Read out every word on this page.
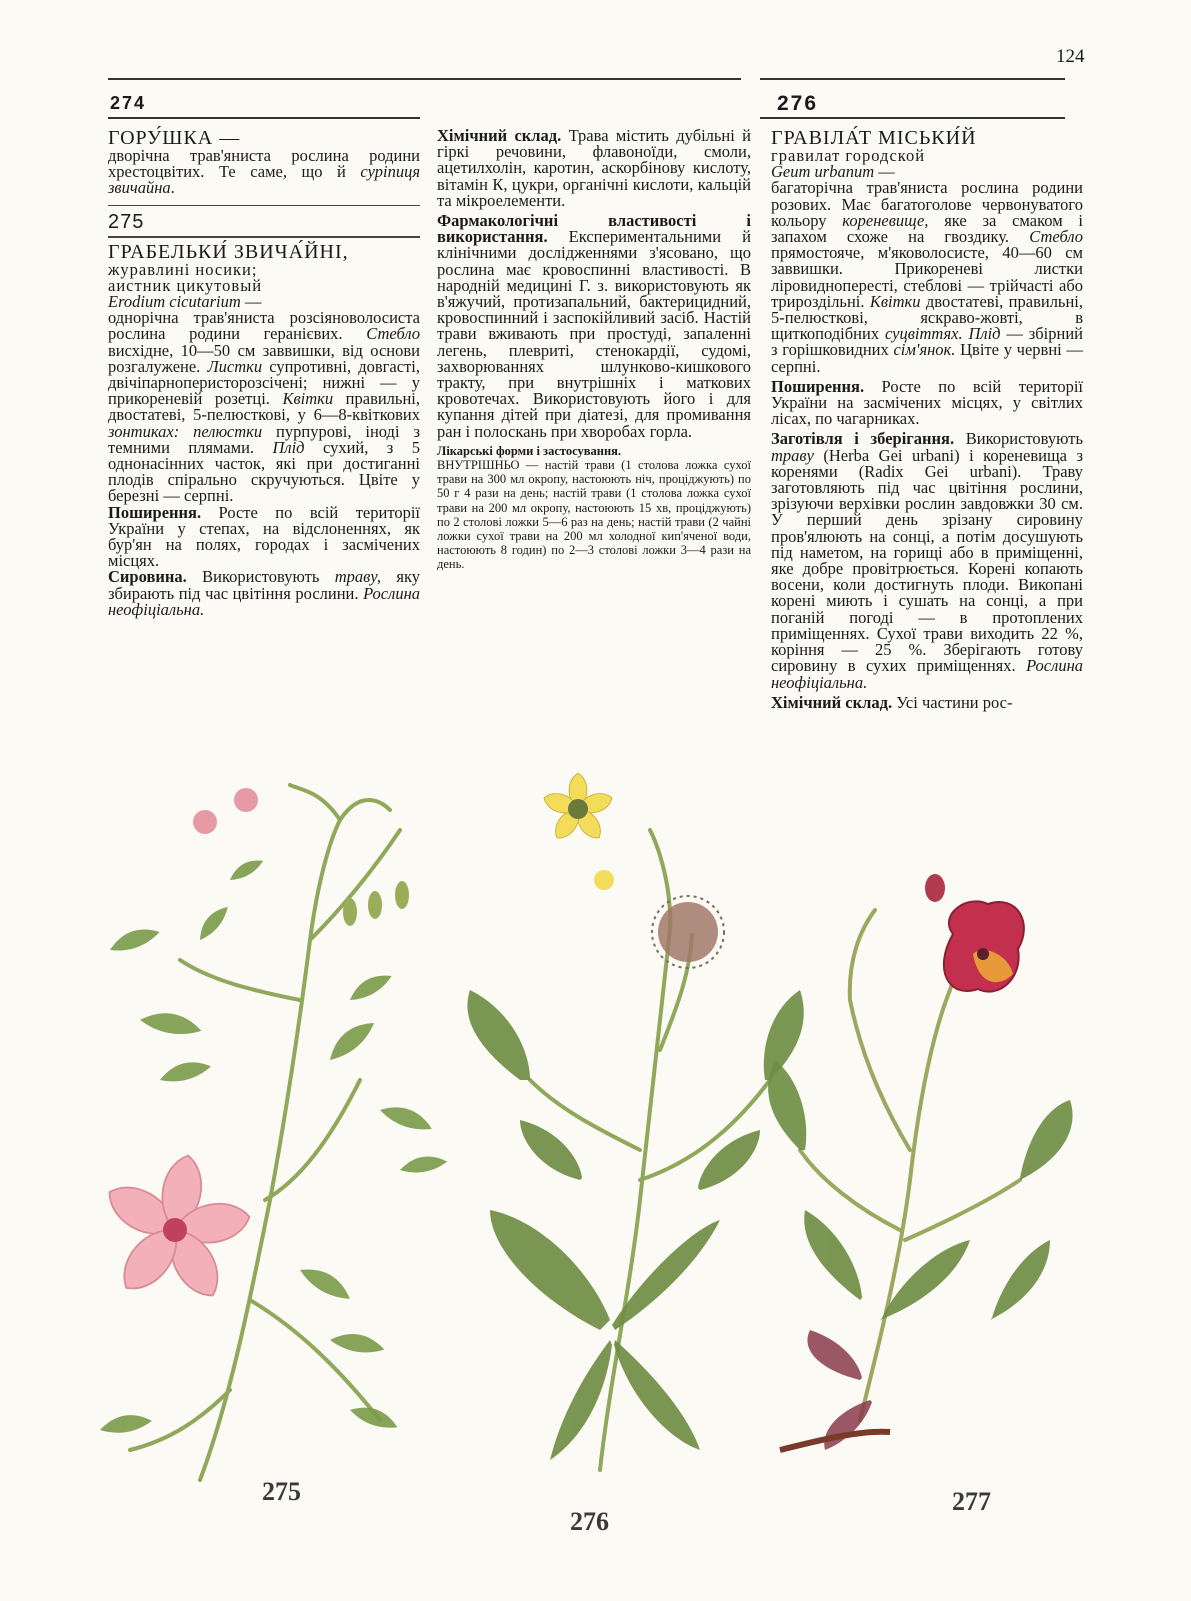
124
274	276

ГОРУ́ШКА —

дворічна трав'яниста рослина родини хрестоцвітих. Те саме, що й суріпиця звичайна.

275

ГРАБЕЛЬКИ́ ЗВИЧА́ЙНІ,

журавлині носики;

аистник цикутовый

Erodium cicutarium —

однорічна трав'яниста розсіяноволосиста рослина родини геранієвих. Стебло висхідне, 10—50 см заввишки, від основи розгалужене. Листки супротивні, довгасті, двічіпарноперисторозсічені; нижні — у прикореневій розетці. Квітки правильні, двостатеві, 5-пелюсткові, у 6—8-квіткових зонтиках: пелюстки пурпурові, іноді з темними плямами. Плід сухий, з 5 однонасінних часток, які при достиганні плодів спірально скручуються. Цвіте у березні — серпні.

Поширення. Росте по всій території України у степах, на відслоненнях, як бур'ян на полях, городах і засмічених місцях.

Сировина. Використовують траву, яку збирають під час цвітіння рослини. Рослина неофіціальна.

Хімічний склад. Трава містить дубільні й гіркі речовини, флавоноїди, смоли, ацетилхолін, каротин, аскорбінову кислоту, вітамін К, цукри, органічні кислоти, кальцій та мікроелементи.

Фармакологічні властивості і використання. Експериментальними й клінічними дослідженнями з'ясовано, що рослина має кровоспинні властивості. В народній медицині Г. з. використовують як в'яжучий, протизапальний, бактерицидний, кровоспинний і заспокійливий засіб. Настій трави вживають при простуді, запаленні легень, плевриті, стенокардії, судомі, захворюваннях шлунково-кишкового тракту, при внутрішніх і маткових кровотечах. Використовують його і для купання дітей при діатезі, для промивання ран і полоскань при хворобах горла.

Лікарські форми і застосування.

ВНУТРІШНЬО — настій трави (1 столова ложка сухої трави на 300 мл окропу, настоюють ніч, проціджують) по 50 г 4 рази на день; настій трави (1 столова ложка сухої трави на 200 мл окропу, настоюють 15 хв, проціджують) по 2 столові ложки 5—6 раз на день; настій трави (2 чайні ложки сухої трави на 200 мл холодної кип'яченої води, настоюють 8 годин) по 2—3 столові ложки 3—4 рази на день.

ГРАВІЛА́Т МІСЬКИ́Й

гравилат городской

Geum urbanum —

багаторічна трав'яниста рослина родини розових. Має багатоголове червонуватого кольору кореневище, яке за смаком і запахом схоже на гвоздику. Стебло прямостояче, м'яковолосисте, 40—60 см заввишки. Прикореневі листки ліровиднопересті, стеблові — трійчасті або трироздільні. Квітки двостатеві, правильні, 5-пелюсткові, яскраво-жовті, в щиткоподібних суцвіттях. Плід — збірний з горішковидних сім'янок. Цвіте у червні — серпні.

Поширення. Росте по всій території України на засмічених місцях, у світлих лісах, по чагарниках.

Заготівля і зберігання. Використовують траву (Herba Gei urbani) і кореневища з коренями (Radix Gei urbani). Траву заготовляють під час цвітіння рослини, зрізуючи верхівки рослин завдовжки 30 см. У перший день зрізану сировину пров'ялюють на сонці, а потім досушують під наметом, на горищі або в приміщенні, яке добре провітрюється. Корені копають восени, коли достигнуть плоди. Викопані корені миють і сушать на сонці, а при поганій погоді — в протоплених приміщеннях. Сухої трави виходить 22 %, коріння — 25 %. Зберігають готову сировину в сухих приміщеннях. Рослина неофіціальна.

Хімічний склад. Усі частини рос-

275
276
277
